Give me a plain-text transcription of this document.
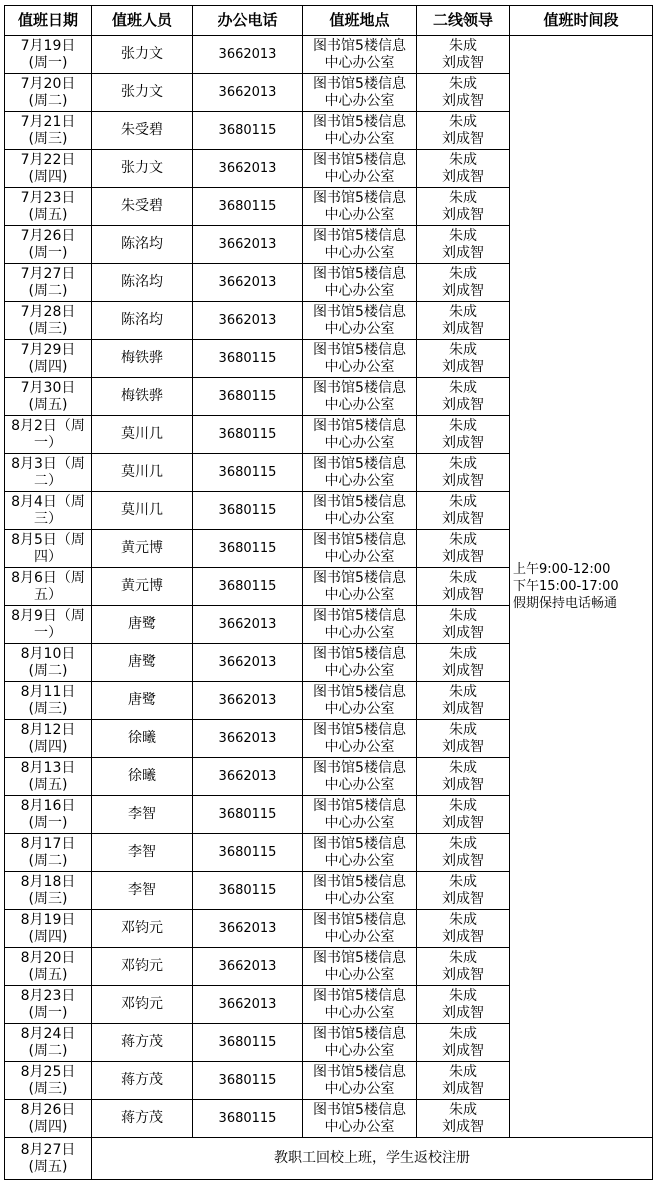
值班日期	值班人员	办公电话	值班地点	二线领导	值班时间段

7月19日
(周一)	张力文	3662013	图书馆5楼信息
中心办公室	朱成
刘成智	上午9:00-12:00
下午15:00-17:00
假期保持电话畅通

7月20日
(周二)	张力文	3662013	图书馆5楼信息
中心办公室	朱成
刘成智	

7月21日
(周三)	朱受碧	3680115	图书馆5楼信息
中心办公室	朱成
刘成智	

7月22日
(周四)	张力文	3662013	图书馆5楼信息
中心办公室	朱成
刘成智	

7月23日
(周五)	朱受碧	3680115	图书馆5楼信息
中心办公室	朱成
刘成智	

7月26日
(周一)	陈洺均	3662013	图书馆5楼信息
中心办公室	朱成
刘成智	

7月27日
(周二)	陈洺均	3662013	图书馆5楼信息
中心办公室	朱成
刘成智	

7月28日
(周三)	陈洺均	3662013	图书馆5楼信息
中心办公室	朱成
刘成智	

7月29日
(周四)	梅铁骅	3680115	图书馆5楼信息
中心办公室	朱成
刘成智	

7月30日
(周五)	梅铁骅	3680115	图书馆5楼信息
中心办公室	朱成
刘成智	

8月2日（周
一）	莫川几	3680115	图书馆5楼信息
中心办公室	朱成
刘成智	

8月3日（周
二）	莫川几	3680115	图书馆5楼信息
中心办公室	朱成
刘成智	

8月4日（周
三）	莫川几	3680115	图书馆5楼信息
中心办公室	朱成
刘成智	

8月5日（周
四）	黄元博	3680115	图书馆5楼信息
中心办公室	朱成
刘成智	

8月6日（周
五）	黄元博	3680115	图书馆5楼信息
中心办公室	朱成
刘成智	

8月9日（周
一）	唐鹭	3662013	图书馆5楼信息
中心办公室	朱成
刘成智	

8月10日
(周二)	唐鹭	3662013	图书馆5楼信息
中心办公室	朱成
刘成智	

8月11日
(周三)	唐鹭	3662013	图书馆5楼信息
中心办公室	朱成
刘成智	

8月12日
(周四)	徐曦	3662013	图书馆5楼信息
中心办公室	朱成
刘成智	

8月13日
(周五)	徐曦	3662013	图书馆5楼信息
中心办公室	朱成
刘成智	

8月16日
(周一)	李智	3680115	图书馆5楼信息
中心办公室	朱成
刘成智	

8月17日
(周二)	李智	3680115	图书馆5楼信息
中心办公室	朱成
刘成智	

8月18日
(周三)	李智	3680115	图书馆5楼信息
中心办公室	朱成
刘成智	

8月19日
(周四)	邓钧元	3662013	图书馆5楼信息
中心办公室	朱成
刘成智	

8月20日
(周五)	邓钧元	3662013	图书馆5楼信息
中心办公室	朱成
刘成智	

8月23日
(周一)	邓钧元	3662013	图书馆5楼信息
中心办公室	朱成
刘成智	

8月24日
(周二)	蒋方茂	3680115	图书馆5楼信息
中心办公室	朱成
刘成智	

8月25日
(周三)	蒋方茂	3680115	图书馆5楼信息
中心办公室	朱成
刘成智	

8月26日
(周四)	蒋方茂	3680115	图书馆5楼信息
中心办公室	朱成
刘成智	

8月27日
(周五)	教职工回校上班，学生返校注册				
